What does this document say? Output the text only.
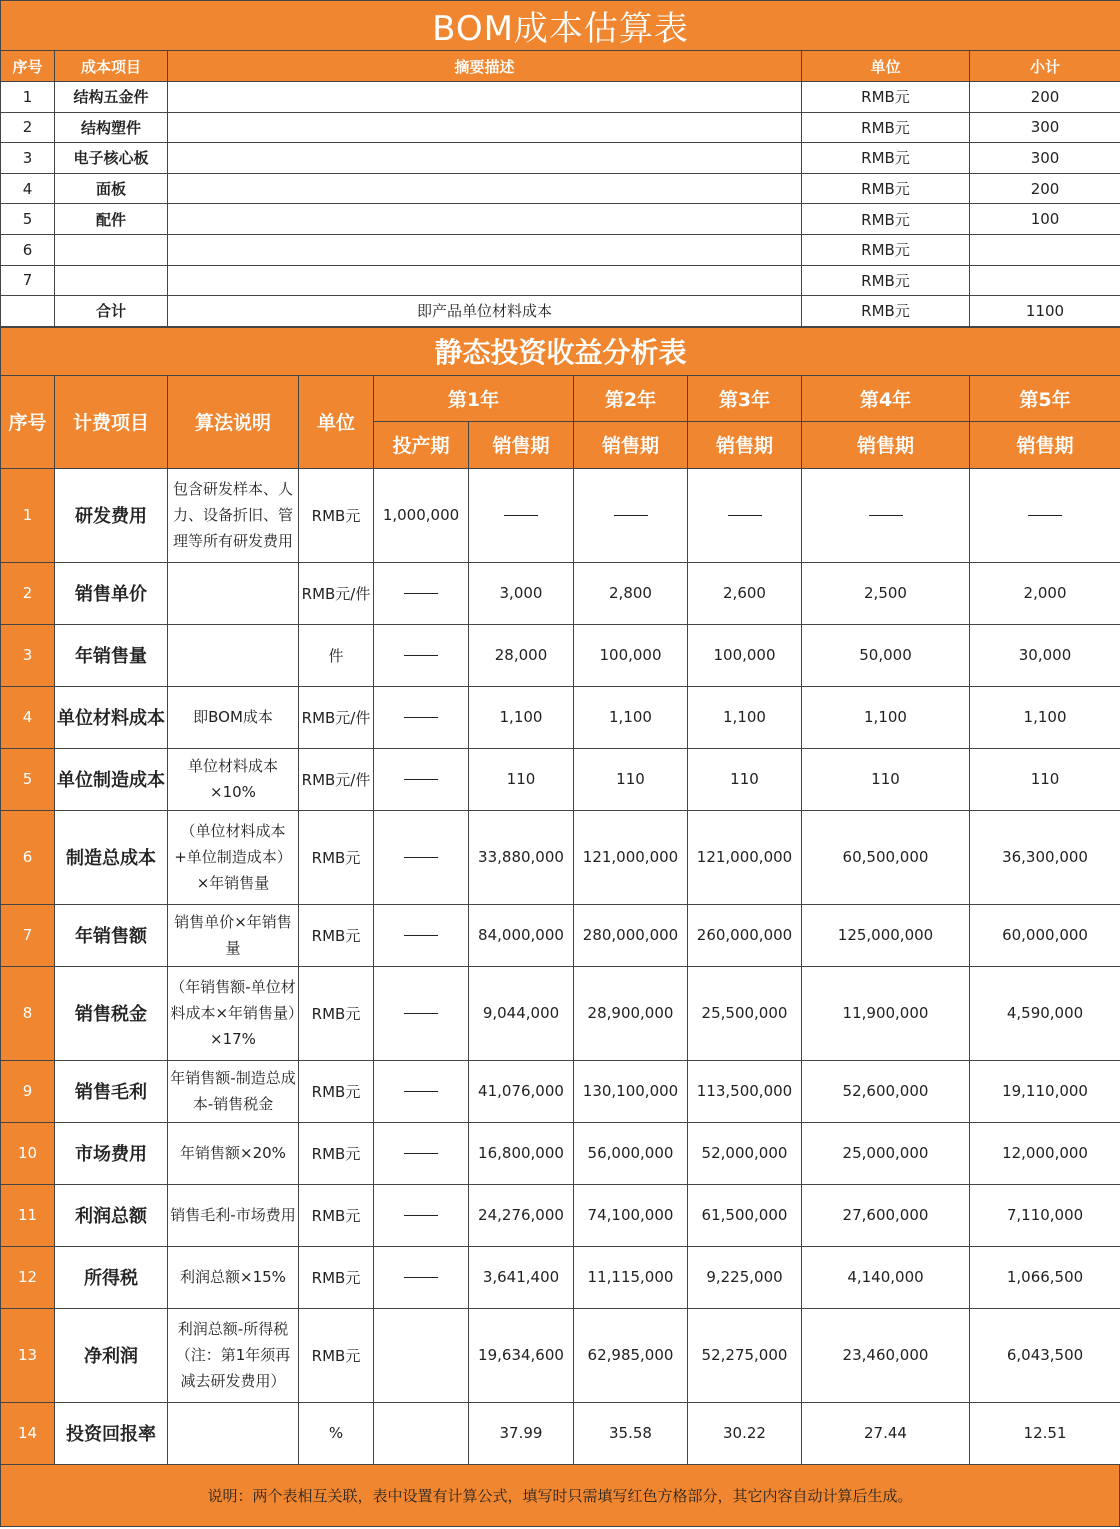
BOM成本估算表				
序号	成本项目	摘要描述	单位	小计
1	结构五金件		RMB元	200
2	结构塑件		RMB元	300
3	电子核心板		RMB元	300
4	面板		RMB元	200
5	配件		RMB元	100
6			RMB元	
7			RMB元	
	合计	即产品单位材料成本	RMB元	1100
静态投资收益分析表									
序号	计费项目	算法说明	单位	第1年		第2年	第3年	第4年	第5年
				投产期	销售期	销售期	销售期	销售期	销售期
1	研发费用	包含研发样本、人力、设备折旧、管理等所有研发费用	RMB元	1,000,000					
2	销售单价		RMB元/件		3,000	2,800	2,600	2,500	2,000
3	年销售量		件		28,000	100,000	100,000	50,000	30,000
4	单位材料成本	即BOM成本	RMB元/件		1,100	1,100	1,100	1,100	1,100
5	单位制造成本	单位材料成本×10%	RMB元/件		110	110	110	110	110
6	制造总成本	（单位材料成本+单位制造成本）×年销售量	RMB元		33,880,000	121,000,000	121,000,000	60,500,000	36,300,000
7	年销售额	销售单价×年销售量	RMB元		84,000,000	280,000,000	260,000,000	125,000,000	60,000,000
8	销售税金	（年销售额-单位材料成本×年销售量）×17%	RMB元		9,044,000	28,900,000	25,500,000	11,900,000	4,590,000
9	销售毛利	年销售额-制造总成本-销售税金	RMB元		41,076,000	130,100,000	113,500,000	52,600,000	19,110,000
10	市场费用	年销售额×20%	RMB元		16,800,000	56,000,000	52,000,000	25,000,000	12,000,000
11	利润总额	销售毛利-市场费用	RMB元		24,276,000	74,100,000	61,500,000	27,600,000	7,110,000
12	所得税	利润总额×15%	RMB元		3,641,400	11,115,000	9,225,000	4,140,000	1,066,500
13	净利润	利润总额-所得税（注：第1年须再减去研发费用）	RMB元		19,634,600	62,985,000	52,275,000	23,460,000	6,043,500
14	投资回报率		%		37.99	35.58	30.22	27.44	12.51
说明：两个表相互关联，表中设置有计算公式，填写时只需填写红色方格部分，其它内容自动计算后生成。
